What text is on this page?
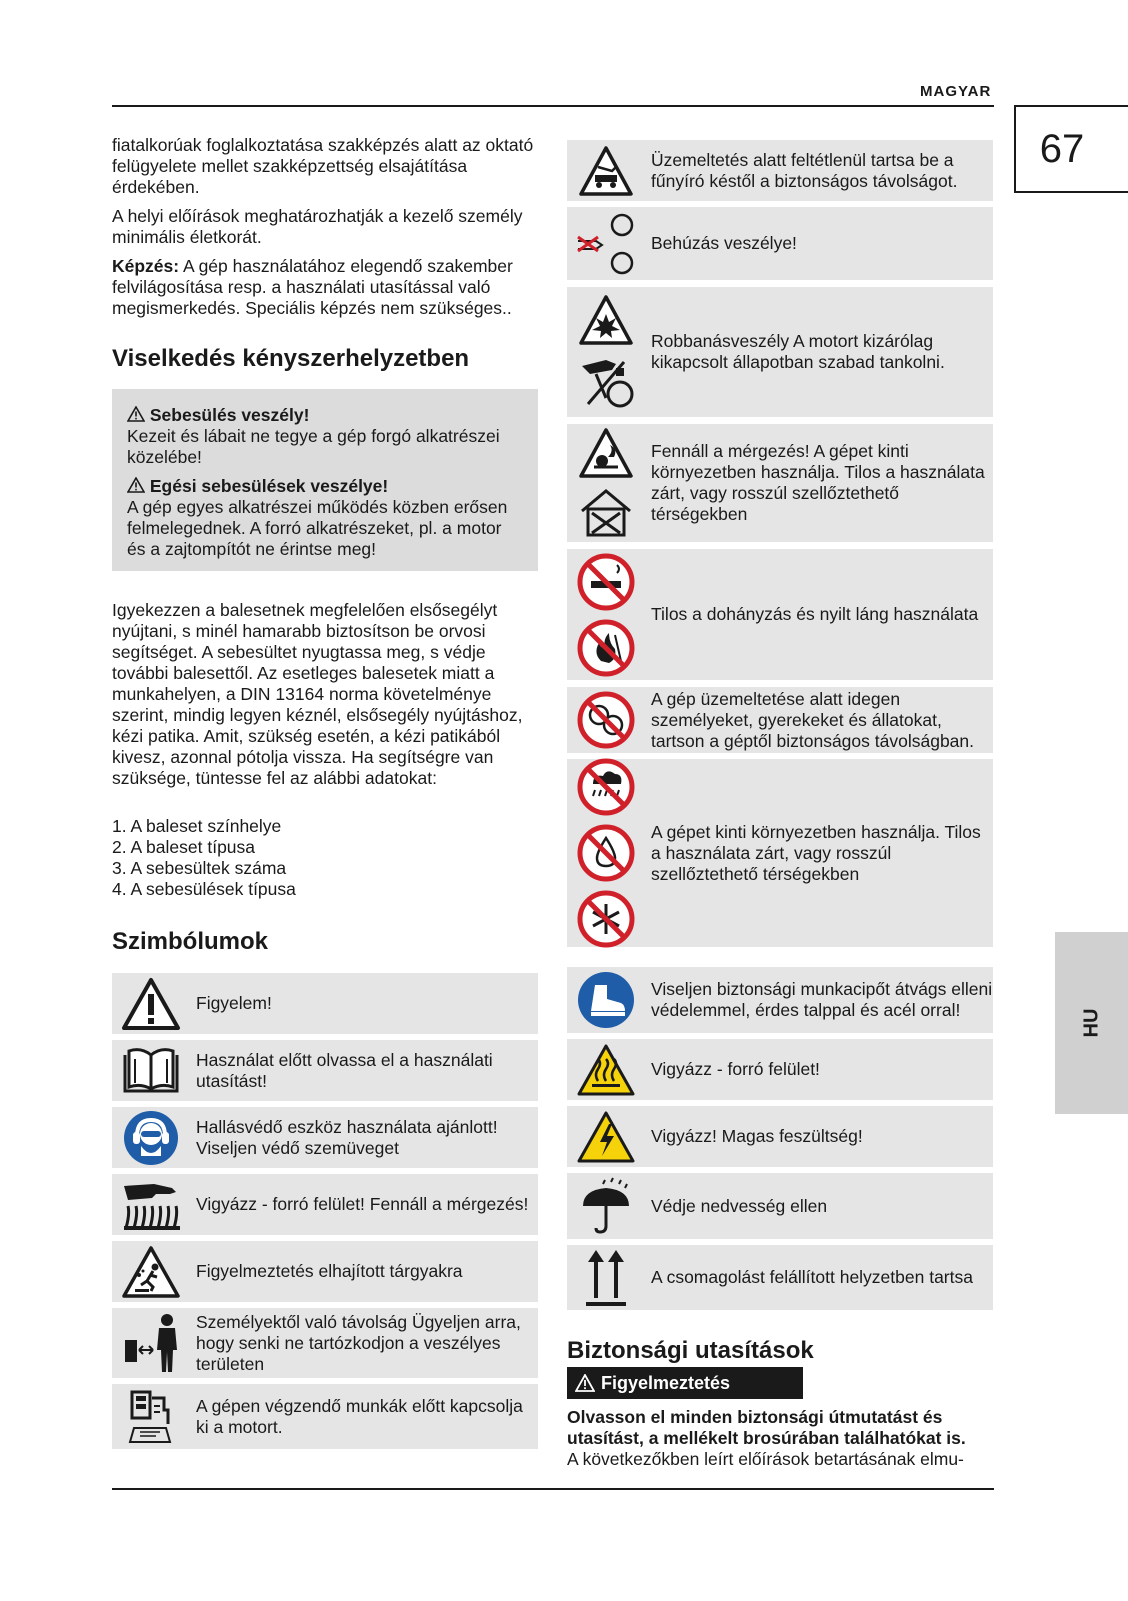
MAGYAR
67
HU

fiatalkorúak foglalkoztatása szakképzés alatt az oktató felügyelete mellet szakképzettség elsajátítása érdekében.

A helyi előírások meghatározhatják a kezelő személy minimális életkorát.

Képzés: A gép használatához elegendő szakember felvilágosítása resp. a használati utasítással való megismerkedés. Speciális képzés nem szükséges..

Viselkedés kényszerhelyzetben
Sebesülés veszély!
Kezeit és lábait ne tegye a gép forgó alkatrészei közelébe!
Egési sebesülések veszélye!
A gép egyes alkatrészei működés közben erősen felmelegednek. A forró alkatrészeket, pl. a motor és a zajtompítót ne érintse meg!
Igyekezzen a balesetnek megfelelően elsősegélyt nyújtani, s minél hamarabb biztosítson be orvosi segítséget. A sebesültet nyugtassa meg, s védje további balesettől. Az esetleges balesetek miatt a munkahelyen, a DIN 13164 norma követelménye szerint, mindig legyen kéznél, elsősegély nyújtáshoz, kézi patika. Amit, szükség esetén, a kézi patikából kivesz, azonnal pótolja vissza. Ha segítségre van szüksége, tüntesse fel az alábbi adatokat:
1. A baleset színhelye
2. A baleset típusa
3. A sebesültek száma
4. A sebesülések típusa
Szimbólumok
Figyelem!
Használat előtt olvassa el a használati utasítást!
Hallásvédő eszköz használata ajánlott! Viseljen védő szemüveget
Vigyázz - forró felület! Fennáll a mérgezés!
Figyelmeztetés elhajított tárgyakra
Személyektől való távolság Ügyeljen arra, hogy senki ne tartózkodjon a veszélyes területen
A gépen végzendő munkák előtt kapcsolja ki a motort.
Üzemeltetés alatt feltétlenül tartsa be a fűnyíró késtől a biztonságos távolságot.
Behúzás veszélye!
Robbanásveszély A motort kizárólag kikapcsolt állapotban szabad tankolni.
Fennáll a mérgezés! A gépet kinti környezetben használja. Tilos a használata zárt, vagy rosszúl szellőztethető térségekben
Tilos a dohányzás és nyilt láng használata
A gép üzemeltetése alatt idegen személyeket, gyerekeket és állatokat, tartson a géptől biztonságos távolságban.
A gépet kinti környezetben használja. Tilos a használata zárt, vagy rosszúl szellőztethető térségekben
Viseljen biztonsági munkacipőt átvágs elleni védelemmel, érdes talppal és acél orral!
Vigyázz - forró felület!
Vigyázz! Magas feszültség!
Védje nedvesség ellen
A csomagolást felállított helyzetben tartsa
Biztonsági utasítások
Figyelmeztetés
Olvasson el minden biztonsági útmutatást és utasítást, a mellékelt brosúrában találhatókat is.
A következőkben leírt előírások betartásának elmu-
